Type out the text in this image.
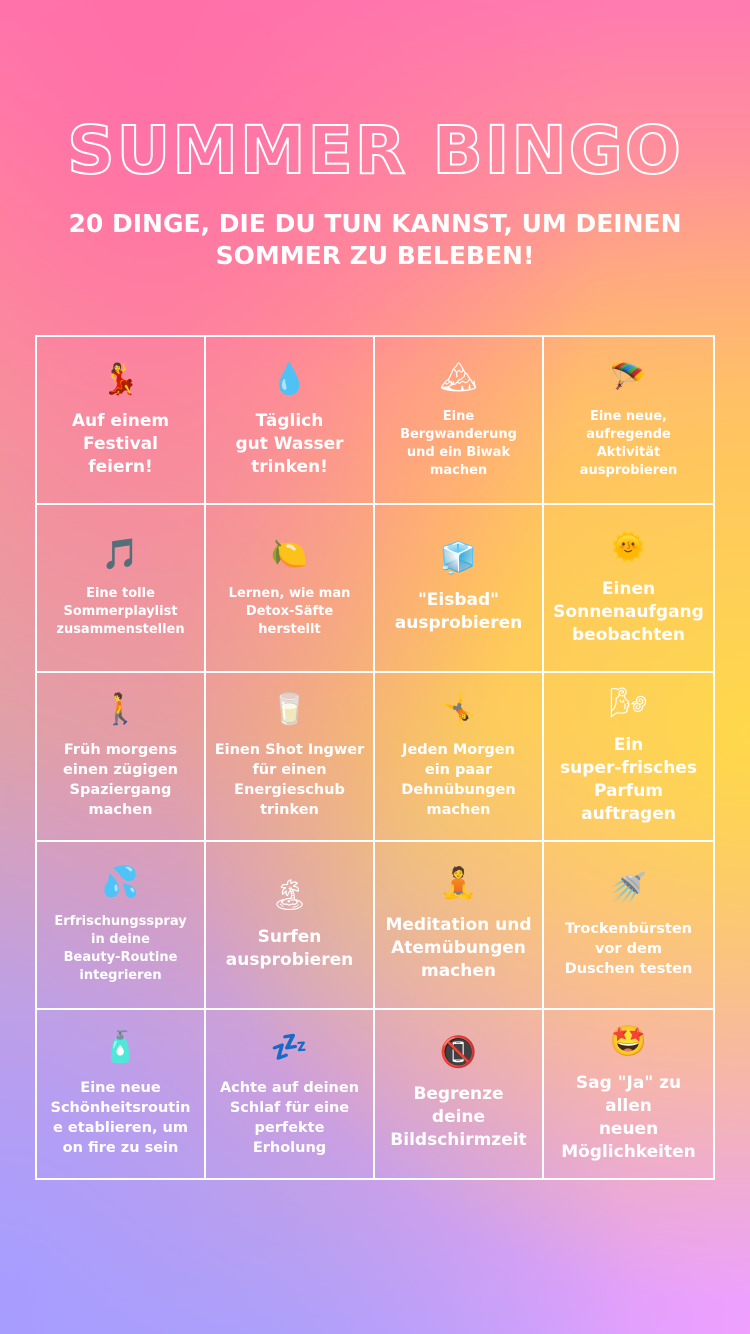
SUMMER BINGO
20 DINGE, DIE DU TUN KANNST, UM DEINEN SOMMER ZU BELEBEN!
💃
Auf einem
Festival
feiern!
💧
Täglich
gut Wasser
trinken!
🏔
Eine
Bergwanderung
und ein Biwak
machen
🪂
Eine neue,
aufregende
Aktivität
ausprobieren
🎵
Eine tolle
Sommerplaylist
zusammenstellen
🍋
Lernen, wie man
Detox-Säfte
herstellt
🧊
"Eisbad"
ausprobieren
🌞
Einen
Sonnenaufgang
beobachten
🚶
Früh morgens
einen zügigen
Spaziergang
machen
🥛
Einen Shot Ingwer
für einen
Energieschub
trinken
🤸
Jeden Morgen
ein paar
Dehnübungen
machen
🌬
Ein
super-frisches
Parfum
auftragen
💦
Erfrischungsspray
in deine
Beauty-Routine
integrieren
🏝
Surfen
ausprobieren
🧘
Meditation und
Atemübungen
machen
🚿
Trockenbürsten
vor dem
Duschen testen
🧴
Eine neue
Schönheitsroutin
e etablieren, um
on fire zu sein
💤
Achte auf deinen
Schlaf für eine
perfekte
Erholung
📵
Begrenze
deine
Bildschirmzeit
🤩
Sag "Ja" zu allen
neuen
Möglichkeiten
